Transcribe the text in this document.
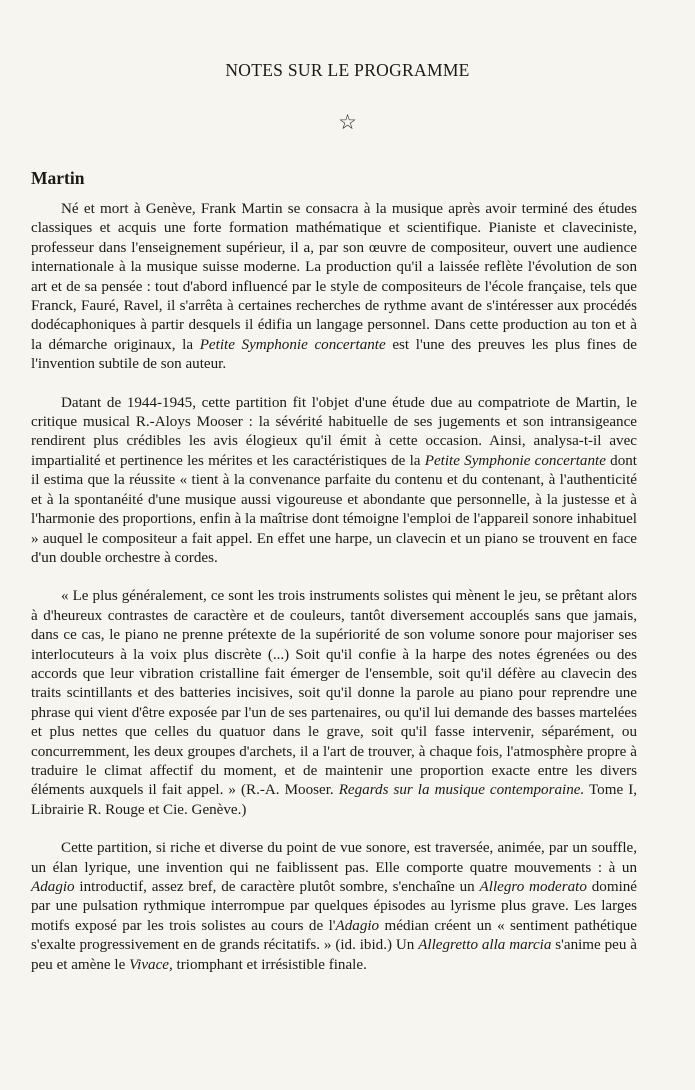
NOTES SUR LE PROGRAMME
☆
Martin

Né et mort à Genève, Frank Martin se consacra à la musique après avoir terminé des études classiques et acquis une forte formation mathématique et scientifique. Pianiste et claveciniste, professeur dans l'enseignement supérieur, il a, par son œuvre de compositeur, ouvert une audience internationale à la musique suisse moderne. La production qu'il a laissée reflète l'évolution de son art et de sa pensée : tout d'abord influencé par le style de compositeurs de l'école française, tels que Franck, Fauré, Ravel, il s'arrêta à certaines recherches de rythme avant de s'intéresser aux procédés dodécaphoniques à partir desquels il édifia un langage personnel. Dans cette production au ton et à la démarche originaux, la Petite Symphonie concertante est l'une des preuves les plus fines de l'invention subtile de son auteur.

Datant de 1944-1945, cette partition fit l'objet d'une étude due au compatriote de Martin, le critique musical R.-Aloys Mooser : la sévérité habituelle de ses jugements et son intransigeance rendirent plus crédibles les avis élogieux qu'il émit à cette occasion. Ainsi, analysa-t-il avec impartialité et pertinence les mérites et les caractéristiques de la Petite Symphonie concertante dont il estima que la réussite « tient à la convenance parfaite du contenu et du contenant, à l'authenticité et à la spontanéité d'une musique aussi vigoureuse et abondante que personnelle, à la justesse et à l'harmonie des proportions, enfin à la maîtrise dont témoigne l'emploi de l'appareil sonore inhabituel » auquel le compositeur a fait appel. En effet une harpe, un clavecin et un piano se trouvent en face d'un double orchestre à cordes.

« Le plus généralement, ce sont les trois instruments solistes qui mènent le jeu, se prêtant alors à d'heureux contrastes de caractère et de couleurs, tantôt diversement accouplés sans que jamais, dans ce cas, le piano ne prenne prétexte de la supériorité de son volume sonore pour majoriser ses interlocuteurs à la voix plus discrète (...) Soit qu'il confie à la harpe des notes égrenées ou des accords que leur vibration cristalline fait émerger de l'ensemble, soit qu'il défère au clavecin des traits scintillants et des batteries incisives, soit qu'il donne la parole au piano pour reprendre une phrase qui vient d'être exposée par l'un de ses partenaires, ou qu'il lui demande des basses martelées et plus nettes que celles du quatuor dans le grave, soit qu'il fasse intervenir, séparément, ou concurremment, les deux groupes d'archets, il a l'art de trouver, à chaque fois, l'atmosphère propre à traduire le climat affectif du moment, et de maintenir une proportion exacte entre les divers éléments auxquels il fait appel. » (R.-A. Mooser. Regards sur la musique contemporaine. Tome I, Librairie R. Rouge et Cie. Genève.)

Cette partition, si riche et diverse du point de vue sonore, est traversée, animée, par un souffle, un élan lyrique, une invention qui ne faiblissent pas. Elle comporte quatre mouvements : à un Adagio introductif, assez bref, de caractère plutôt sombre, s'enchaîne un Allegro moderato dominé par une pulsation rythmique interrompue par quelques épisodes au lyrisme plus grave. Les larges motifs exposé par les trois solistes au cours de l'Adagio médian créent un « sentiment pathétique s'exalte progressivement en de grands récitatifs. » (id. ibid.) Un Allegretto alla marcia s'anime peu à peu et amène le Vivace, triomphant et irrésistible finale.
